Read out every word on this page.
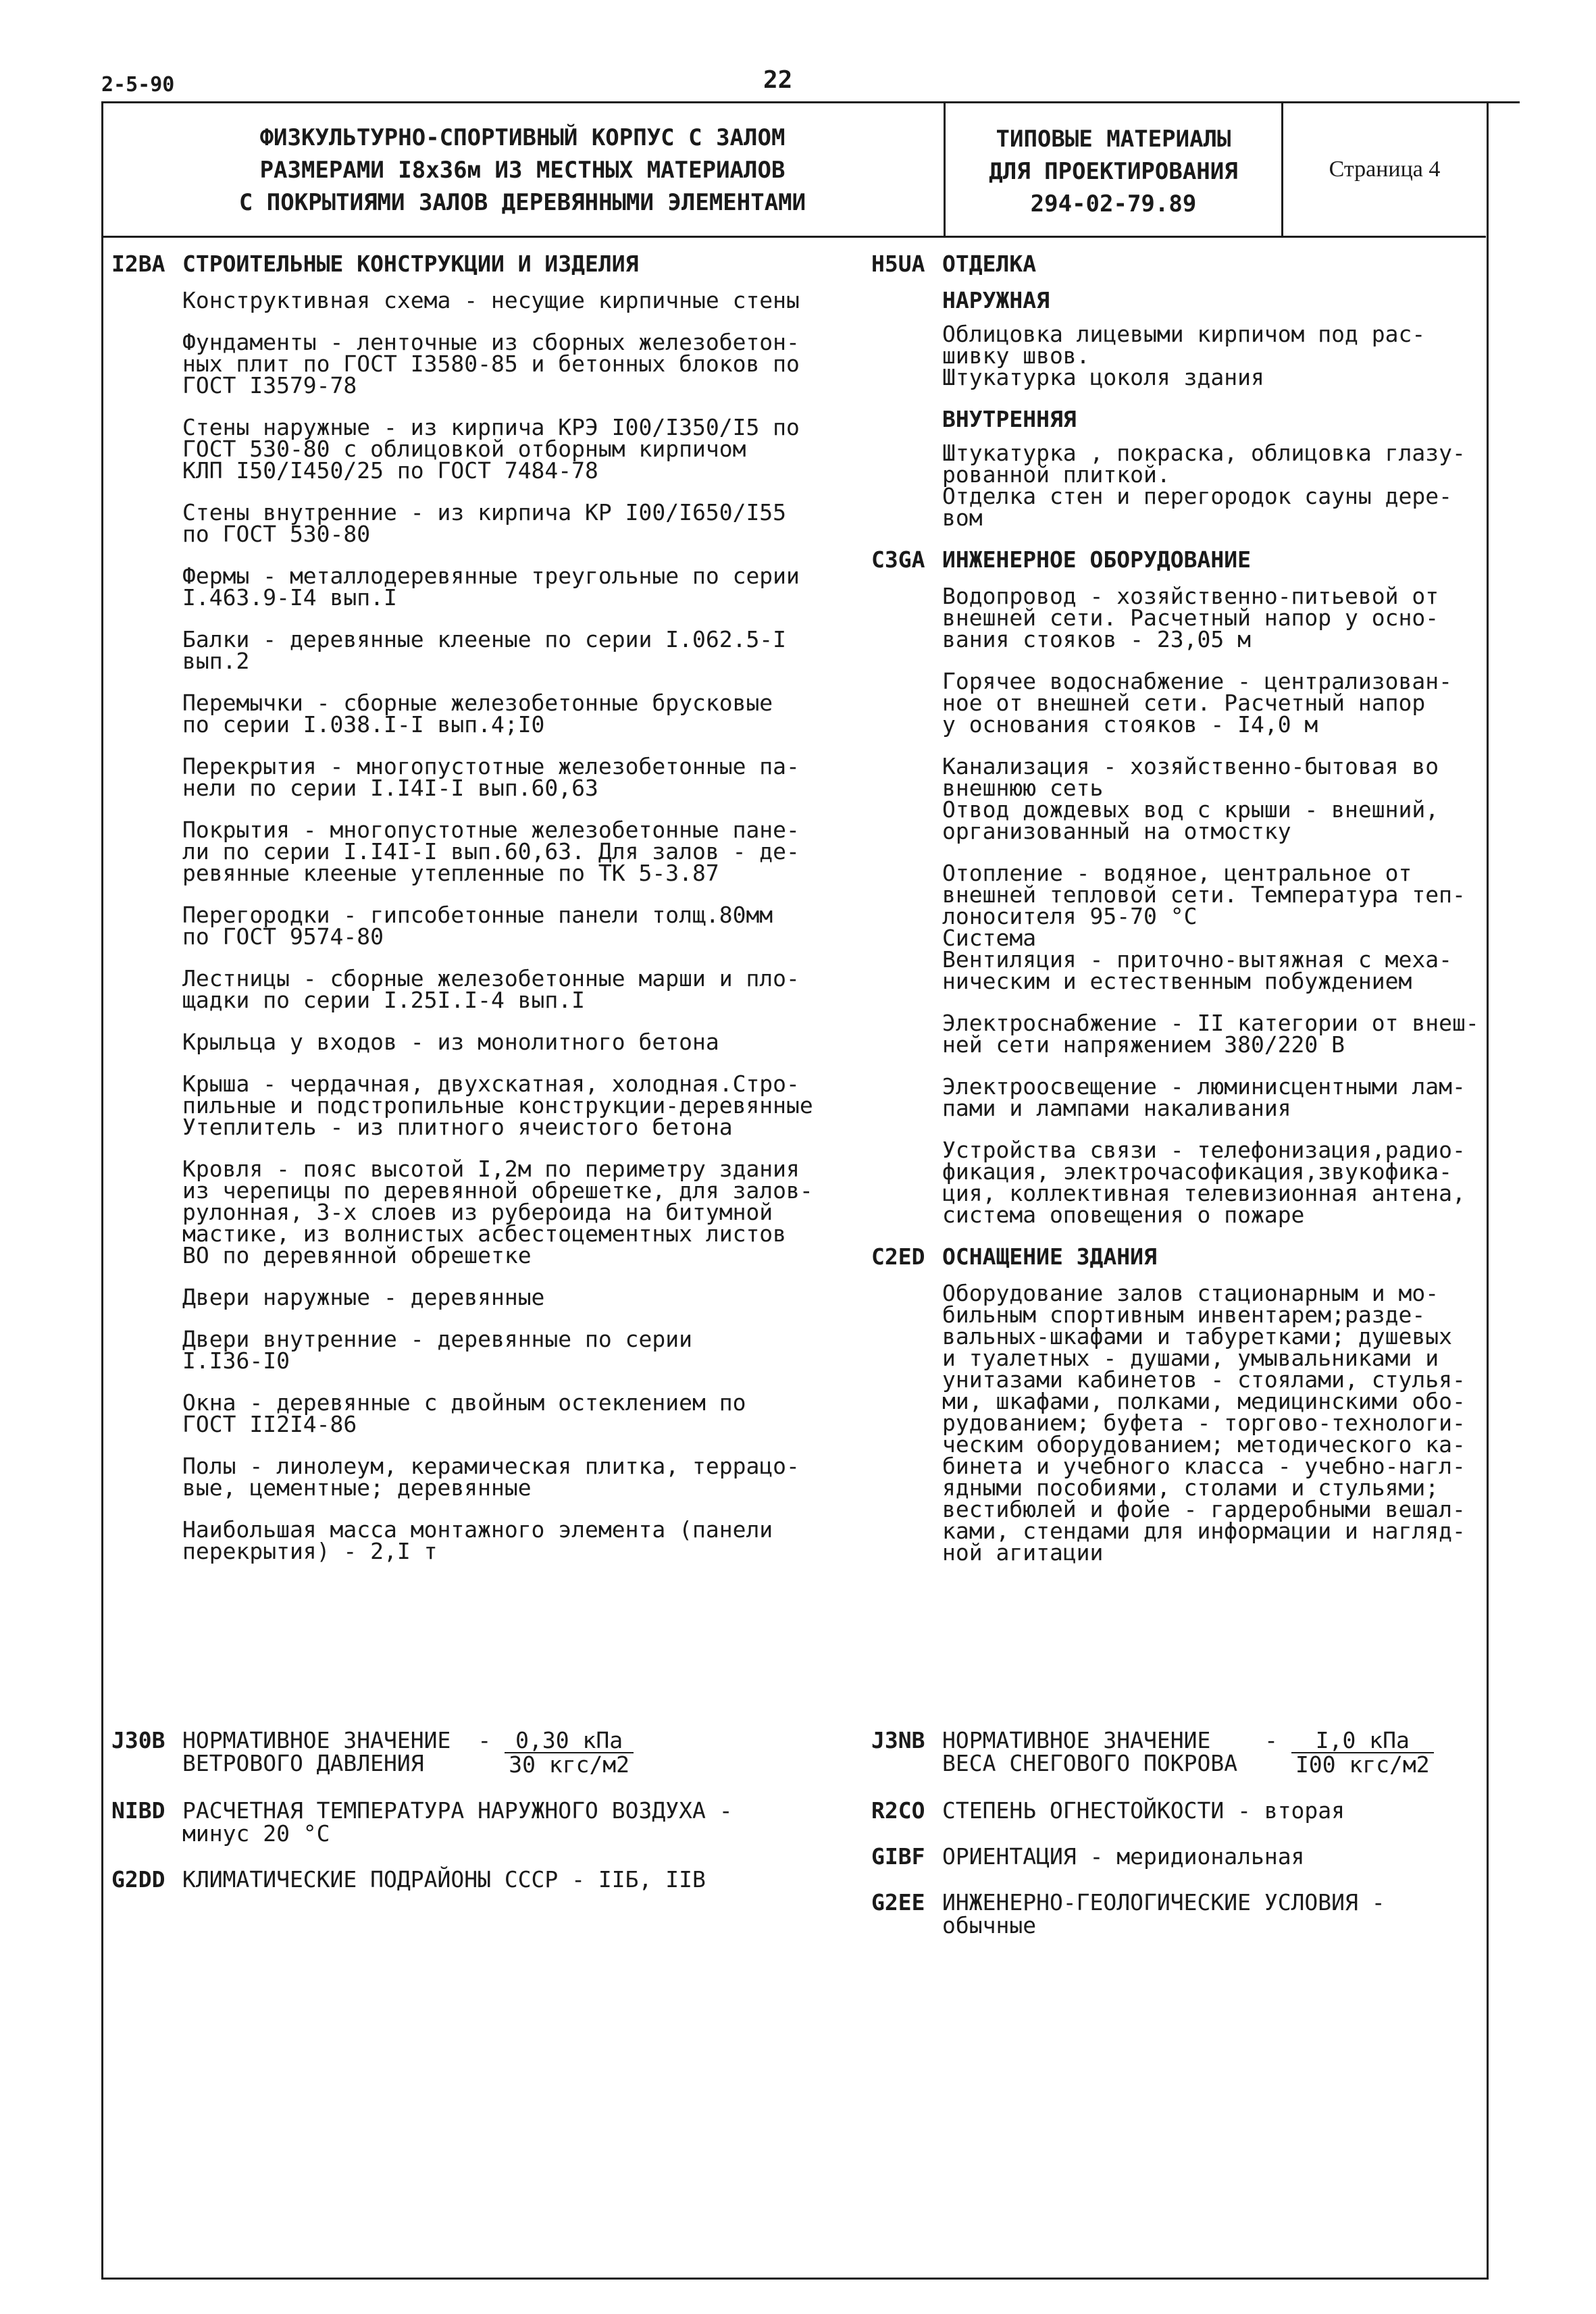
2-5-90	22
ФИЗКУЛЬТУРНО-СПОРТИВНЫЙ КОРПУС С ЗАЛОМ
РАЗМЕРАМИ I8х36м ИЗ МЕСТНЫХ МАТЕРИАЛОВ
С ПОКРЫТИЯМИ ЗАЛОВ ДЕРЕВЯННЫМИ ЭЛЕМЕНТАМИ
ТИПОВЫЕ МАТЕРИАЛЫ
ДЛЯ ПРОЕКТИРОВАНИЯ
294-02-79.89
Страница 4
I2BA СТРОИТЕЛЬНЫЕ КОНСТРУКЦИИ И ИЗДЕЛИЯ
Конструктивная схема - несущие кирпичные стены
Фундаменты - ленточные из сборных железобетон-
ных плит по ГОСТ I3580-85 и бетонных блоков по
ГОСТ I3579-78
Стены наружные - из кирпича КРЭ I00/I350/I5 по
ГОСТ 530-80 с облицовкой отборным кирпичом
КЛП I50/I450/25 по ГОСТ 7484-78
Стены внутренние - из кирпича КР I00/I650/I55
по ГОСТ 530-80
Фермы - металлодеревянные треугольные по серии
I.463.9-I4 вып.I
Балки - деревянные клееные по серии I.062.5-I
вып.2
Перемычки - сборные железобетонные брусковые
по серии I.038.I-I вып.4;I0
Перекрытия - многопустотные железобетонные па-
нели по серии I.I4I-I вып.60,63
Покрытия - многопустотные железобетонные пане-
ли по серии I.I4I-I вып.60,63. Для залов - де-
ревянные клееные утепленные по ТК 5-3.87
Перегородки - гипсобетонные панели толщ.80мм
по ГОСТ 9574-80
Лестницы - сборные железобетонные марши и пло-
щадки по серии I.25I.I-4 вып.I
Крыльца у входов - из монолитного бетона
Крыша - чердачная, двухскатная, холодная.Стро-
пильные и подстропильные конструкции-деревянные
Утеплитель - из плитного ячеистого бетона
Кровля - пояс высотой I,2м по периметру здания
из черепицы по деревянной обрешетке, для залов-
рулонная, 3-х слоев из рубероида на битумной
мастике, из волнистых асбестоцементных листов
ВО по деревянной обрешетке
Двери наружные - деревянные
Двери внутренние - деревянные по серии
I.I36-I0
Окна - деревянные с двойным остеклением по
ГОСТ II2I4-86
Полы - линолеум, керамическая плитка, террацо-
вые, цементные; деревянные
Наибольшая масса монтажного элемента (панели
перекрытия) - 2,I т
H5UA ОТДЕЛКА
НАРУЖНАЯ
Облицовка лицевыми кирпичом под рас-
шивку швов.
Штукатурка цоколя здания
ВНУТРЕННЯЯ
Штукатурка , покраска, облицовка глазу-
рованной плиткой.
Отделка стен и перегородок сауны дере-
вом
C3GA ИНЖЕНЕРНОЕ ОБОРУДОВАНИЕ
Водопровод - хозяйственно-питьевой от
внешней сети. Расчетный напор у осно-
вания стояков - 23,05 м
Горячее водоснабжение - централизован-
ное от внешней сети. Расчетный напор
у основания стояков - I4,0 м
Канализация - хозяйственно-бытовая во
внешнюю сеть
Отвод дождевых вод с крыши - внешний,
организованный на отмостку
Отопление - водяное, центральное от
внешней тепловой сети. Температура теп-
лоносителя 95-70 °С
Система
Вентиляция - приточно-вытяжная с меха-
ническим и естественным побуждением
Электроснабжение - II категории от внеш-
ней сети напряжением 380/220 В
Электроосвещение - люминисцентными лам-
пами и лампами накаливания
Устройства связи - телефонизация,радио-
фикация, электрочасофикация,звукофика-
ция, коллективная телевизионная антена,
система оповещения о пожаре
C2ED ОСНАЩЕНИЕ ЗДАНИЯ
Оборудование залов стационарным и мо-
бильным спортивным инвентарем;разде-
вальных-шкафами и табуретками; душевых
и туалетных - душами, умывальниками и
унитазами кабинетов - стоялами, стулья-
ми, шкафами, полками, медицинскими обо-
рудованием; буфета - торгово-технологи-
ческим оборудованием; методического ка-
бинета и учебного класса - учебно-нагл-
ядными пособиями, столами и стульями;
вестибюлей и фойе - гардеробными вешал-
ками, стендами для информации и нагляд-
ной агитации
J30B НОРМАТИВНОЕ ЗНАЧЕНИЕ
ВЕТРОВОГО ДАВЛЕНИЯ
- $\frac{\text{0,30 кПа}}{\text{30 кгс/м2}}$
NIBD РАСЧЕТНАЯ ТЕМПЕРАТУРА НАРУЖНОГО ВОЗДУХА -
минус 20 °С
G2DD КЛИМАТИЧЕСКИЕ ПОДРАЙОНЫ СССР - IIБ, IIВ
J3NB НОРМАТИВНОЕ ЗНАЧЕНИЕ
ВЕСА СНЕГОВОГО ПОКРОВА
- $\frac{\text{I,0 кПа}}{\text{I00 кгс/м2}}$
R2CO СТЕПЕНЬ ОГНЕСТОЙКОСТИ - вторая
GIBF ОРИЕНТАЦИЯ - меридиональная
G2EE ИНЖЕНЕРНО-ГЕОЛОГИЧЕСКИЕ УСЛОВИЯ -
обычные
